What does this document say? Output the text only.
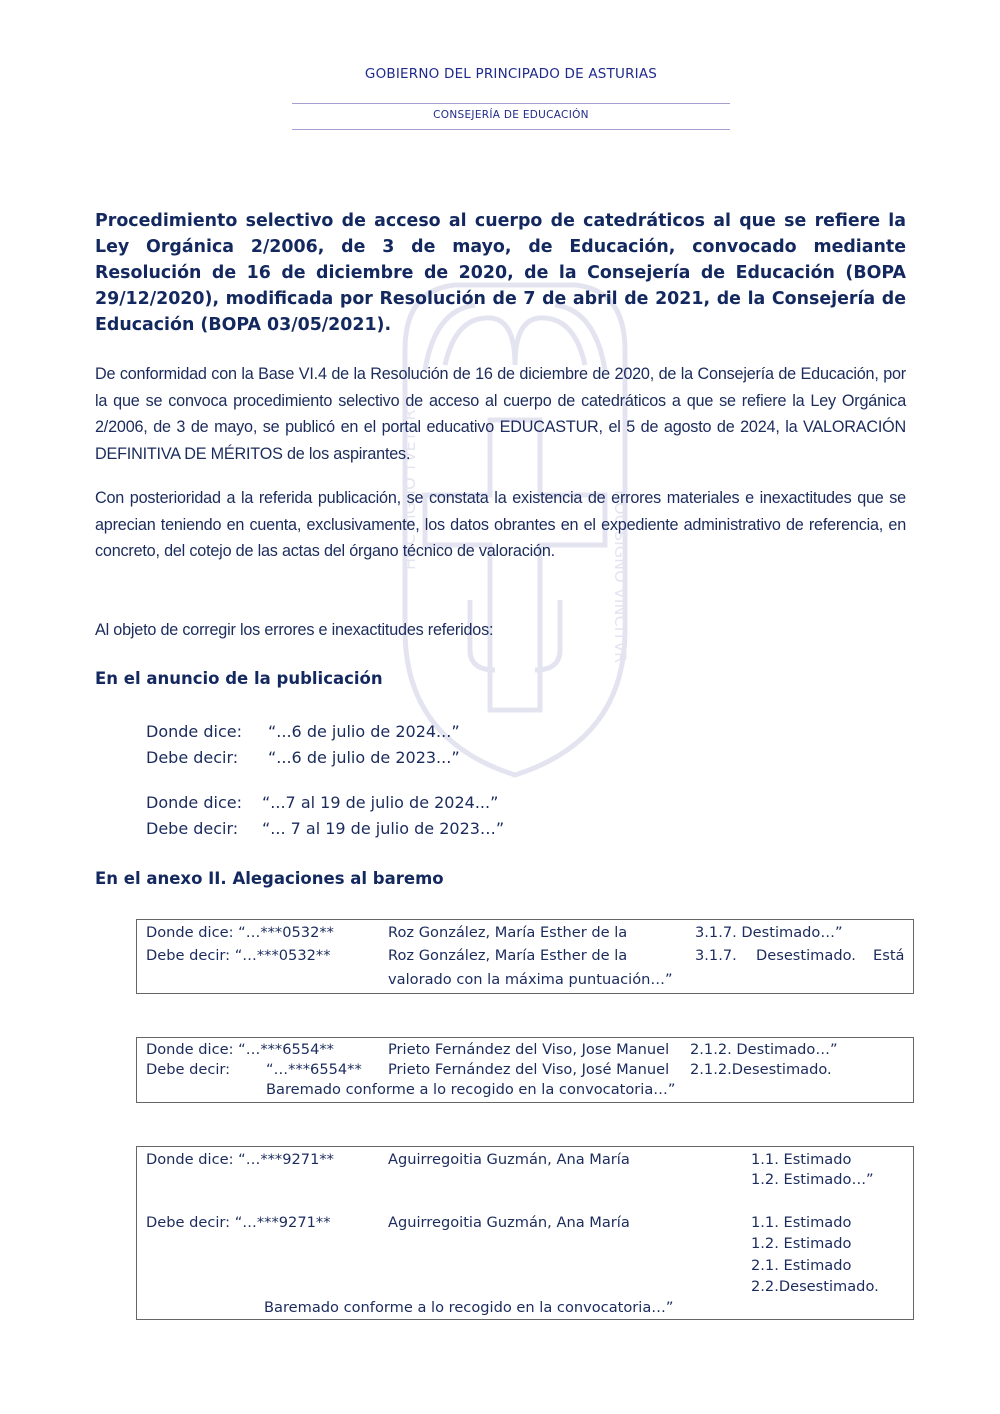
GOBIERNO DEL PRINCIPADO DE ASTURIAS
CONSEJERÍA DE EDUCACIÓN
HOC SIGNO TVETVR
HOC SIGNO VINCITVR
Procedimiento selectivo de acceso al cuerpo de catedráticos al que se refiere la Ley Orgánica 2/2006, de 3 de mayo, de Educación, convocado mediante Resolución de 16 de diciembre de 2020, de la Consejería de Educación (BOPA 29/12/2020), modificada por Resolución de 7 de abril de 2021, de la Consejería de Educación (BOPA 03/05/2021).
De conformidad con la Base VI.4 de la Resolución de 16 de diciembre de 2020, de la Consejería de Educación, por la que se convoca procedimiento selectivo de acceso al cuerpo de catedráticos a que se refiere la Ley Orgánica 2/2006, de 3 de mayo, se publicó en el portal educativo EDUCASTUR, el 5 de agosto de 2024, la VALORACIÓN DEFINITIVA DE MÉRITOS de los aspirantes.
Con posterioridad a la referida publicación, se constata la existencia de errores materiales e inexactitudes que se aprecian teniendo en cuenta, exclusivamente, los datos obrantes en el expediente administrativo de referencia, en concreto, del cotejo de las actas del órgano técnico de valoración.
Al objeto de corregir los errores e inexactitudes referidos:
En el anuncio de la publicación
Donde dice: “...6 de julio de 2024...”
Debe decir: “...6 de julio de 2023...”
Donde dice: “...7 al 19 de julio de 2024...”
Debe decir: “... 7 al 19 de julio de 2023…”
En el anexo II. Alegaciones al baremo
Donde dice: “…***0532**	Roz González, María Esther de la	3.1.7. Destimado…”
Debe decir: “…***0532**	Roz González, María Esther de la	3.1.7. Desestimado. Está
valorado con la máxima puntuación…”
Donde dice: “…***6554**	Prieto Fernández del Viso, Jose Manuel 2.1.2. Destimado…”
Debe decir: “…***6554** Prieto Fernández del Viso, José Manuel 2.1.2.Desestimado.
Baremado conforme a lo recogido en la convocatoria…”
Donde dice: “…***9271**	Aguirregoitia Guzmán, Ana María	1.1. Estimado
1.2. Estimado…”
Debe decir: “…***9271**	Aguirregoitia Guzmán, Ana María	1.1. Estimado
1.2. Estimado
2.1. Estimado
2.2.Desestimado.
Baremado conforme a lo recogido en la convocatoria…”
